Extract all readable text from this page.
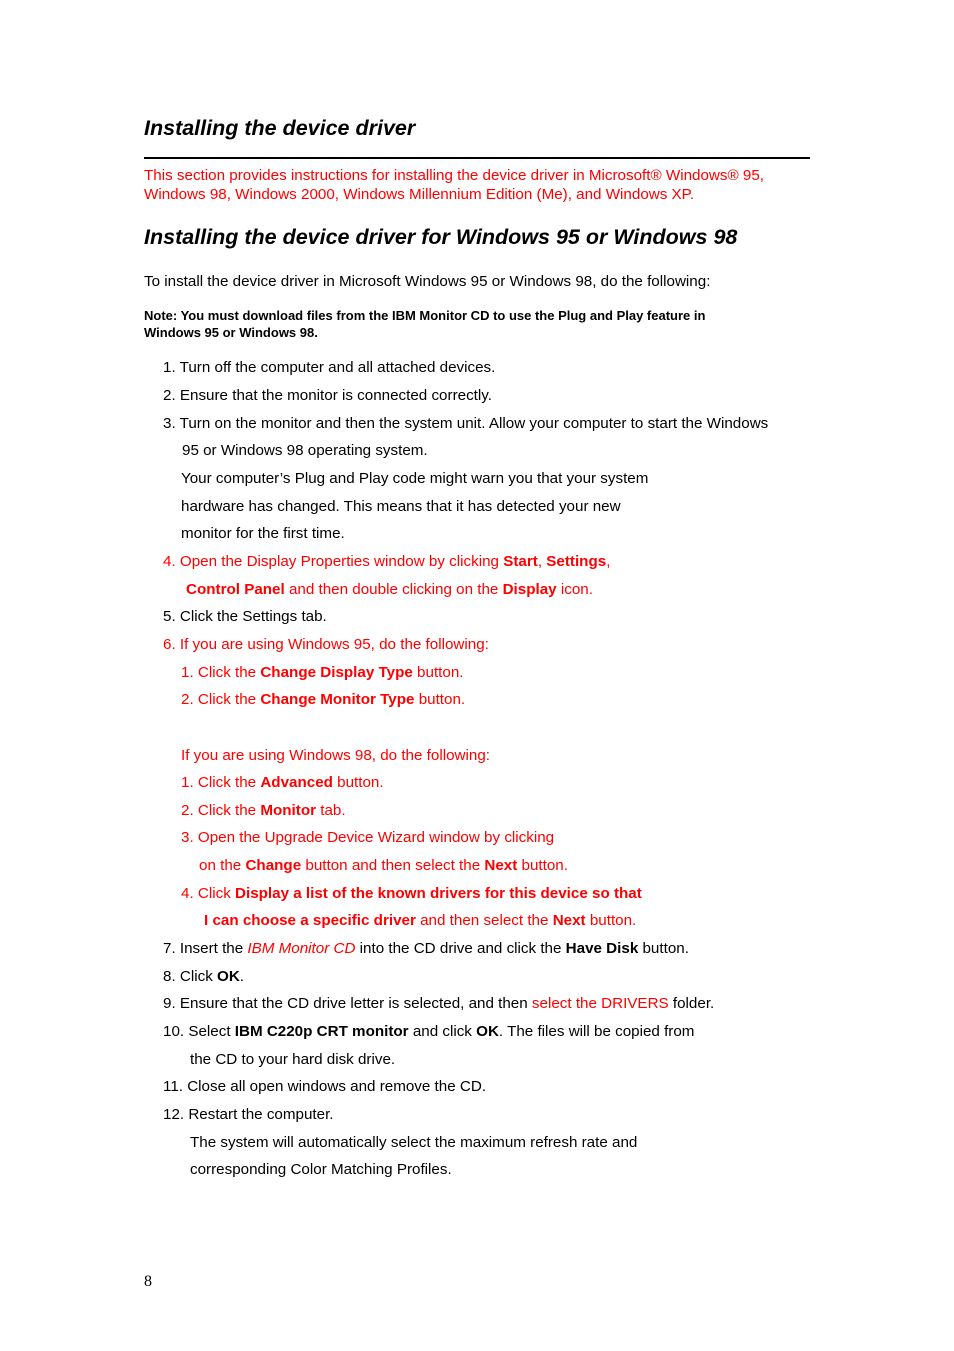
Installing the device driver
This section provides instructions for installing the device driver in Microsoft® Windows® 95,
Windows 98, Windows 2000, Windows Millennium Edition (Me), and Windows XP.
Installing the device driver for Windows 95 or Windows 98
To install the device driver in Microsoft Windows 95 or Windows 98, do the following:
Note: You must download files from the IBM Monitor CD to use the Plug and Play feature in
Windows 95 or Windows 98.
1. Turn off the computer and all attached devices.
2. Ensure that the monitor is connected correctly.
3. Turn on the monitor and then the system unit. Allow your computer to start the Windows
95 or Windows 98 operating system.
Your computer’s Plug and Play code might warn you that your system
hardware has changed. This means that it has detected your new
monitor for the first time.
4. Open the Display Properties window by clicking Start, Settings,
Control Panel and then double clicking on the Display icon.
5. Click the Settings tab.
6. If you are using Windows 95, do the following:
1. Click the Change Display Type button.
2. Click the Change Monitor Type button.
If you are using Windows 98, do the following:
1. Click the Advanced button.
2. Click the Monitor tab.
3. Open the Upgrade Device Wizard window by clicking
on the Change button and then select the Next button.
4. Click Display a list of the known drivers for this device so that
I can choose a specific driver and then select the Next button.
7. Insert the IBM Monitor CD into the CD drive and click the Have Disk button.
8. Click OK.
9. Ensure that the CD drive letter is selected, and then select the DRIVERS folder.
10. Select IBM C220p CRT monitor and click OK. The files will be copied from
the CD to your hard disk drive.
11. Close all open windows and remove the CD.
12. Restart the computer.
The system will automatically select the maximum refresh rate and
corresponding Color Matching Profiles.
8
